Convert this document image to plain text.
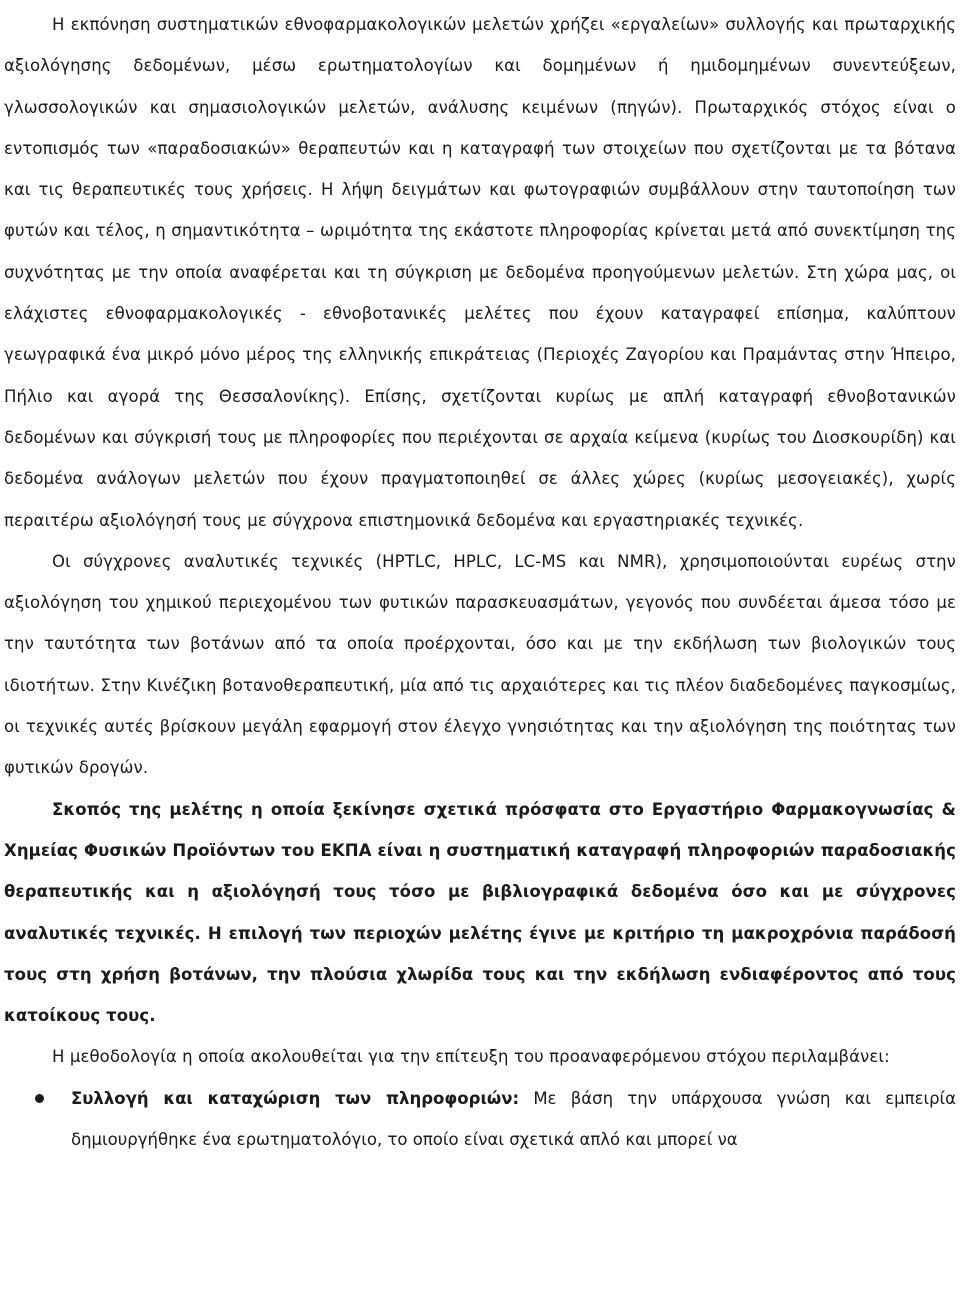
Η εκπόνηση συστηματικών εθνοφαρμακολογικών μελετών χρήζει «εργαλείων» συλλογής και πρωταρχικής αξιολόγησης δεδομένων, μέσω ερωτηματολογίων και δομημένων ή ημιδομημένων συνεντεύξεων, γλωσσολογικών και σημασιολογικών μελετών, ανάλυσης κειμένων (πηγών). Πρωταρχικός στόχος είναι ο εντοπισμός των «παραδοσιακών» θεραπευτών και η καταγραφή των στοιχείων που σχετίζονται με τα βότανα και τις θεραπευτικές τους χρήσεις. Η λήψη δειγμάτων και φωτογραφιών συμβάλλουν στην ταυτοποίηση των φυτών και τέλος, η σημαντικότητα – ωριμότητα της εκάστοτε πληροφορίας κρίνεται μετά από συνεκτίμηση της συχνότητας με την οποία αναφέρεται και τη σύγκριση με δεδομένα προηγούμενων μελετών. Στη χώρα μας, οι ελάχιστες εθνοφαρμακολογικές - εθνοβοτανικές μελέτες που έχουν καταγραφεί επίσημα, καλύπτουν γεωγραφικά ένα μικρό μόνο μέρος της ελληνικής επικράτειας (Περιοχές Ζαγορίου και Πραμάντας στην Ήπειρο, Πήλιο και αγορά της Θεσσαλονίκης). Επίσης, σχετίζονται κυρίως με απλή καταγραφή εθνοβοτανικών δεδομένων και σύγκρισή τους με πληροφορίες που περιέχονται σε αρχαία κείμενα (κυρίως του Διοσκουρίδη) και δεδομένα ανάλογων μελετών που έχουν πραγματοποιηθεί σε άλλες χώρες (κυρίως μεσογειακές), χωρίς περαιτέρω αξιολόγησή τους με σύγχρονα επιστημονικά δεδομένα και εργαστηριακές τεχνικές.

Οι σύγχρονες αναλυτικές τεχνικές (HPTLC, HPLC, LC-MS και NMR), χρησιμοποιούνται ευρέως στην αξιολόγηση του χημικού περιεχομένου των φυτικών παρασκευασμάτων, γεγονός που συνδέεται άμεσα τόσο με την ταυτότητα των βοτάνων από τα οποία προέρχονται, όσο και με την εκδήλωση των βιολογικών τους ιδιοτήτων. Στην Κινέζικη βοτανοθεραπευτική, μία από τις αρχαιότερες και τις πλέον διαδεδομένες παγκοσμίως, οι τεχνικές αυτές βρίσκουν μεγάλη εφαρμογή στον έλεγχο γνησιότητας και την αξιολόγηση της ποιότητας των φυτικών δρογών.

Σκοπός της μελέτης η οποία ξεκίνησε σχετικά πρόσφατα στο Εργαστήριο Φαρμακογνωσίας & Χημείας Φυσικών Προϊόντων του ΕΚΠΑ είναι η συστηματική καταγραφή πληροφοριών παραδοσιακής θεραπευτικής και η αξιολόγησή τους τόσο με βιβλιογραφικά δεδομένα όσο και με σύγχρονες αναλυτικές τεχνικές. Η επιλογή των περιοχών μελέτης έγινε με κριτήριο τη μακροχρόνια παράδοσή τους στη χρήση βοτάνων, την πλούσια χλωρίδα τους και την εκδήλωση ενδιαφέροντος από τους κατοίκους τους.

Η μεθοδολογία η οποία ακολουθείται για την επίτευξη του προαναφερόμενου στόχου περιλαμβάνει:

Συλλογή και καταχώριση των πληροφοριών: Με βάση την υπάρχουσα γνώση και εμπειρία δημιουργήθηκε ένα ερωτηματολόγιο, το οποίο είναι σχετικά απλό και μπορεί να
